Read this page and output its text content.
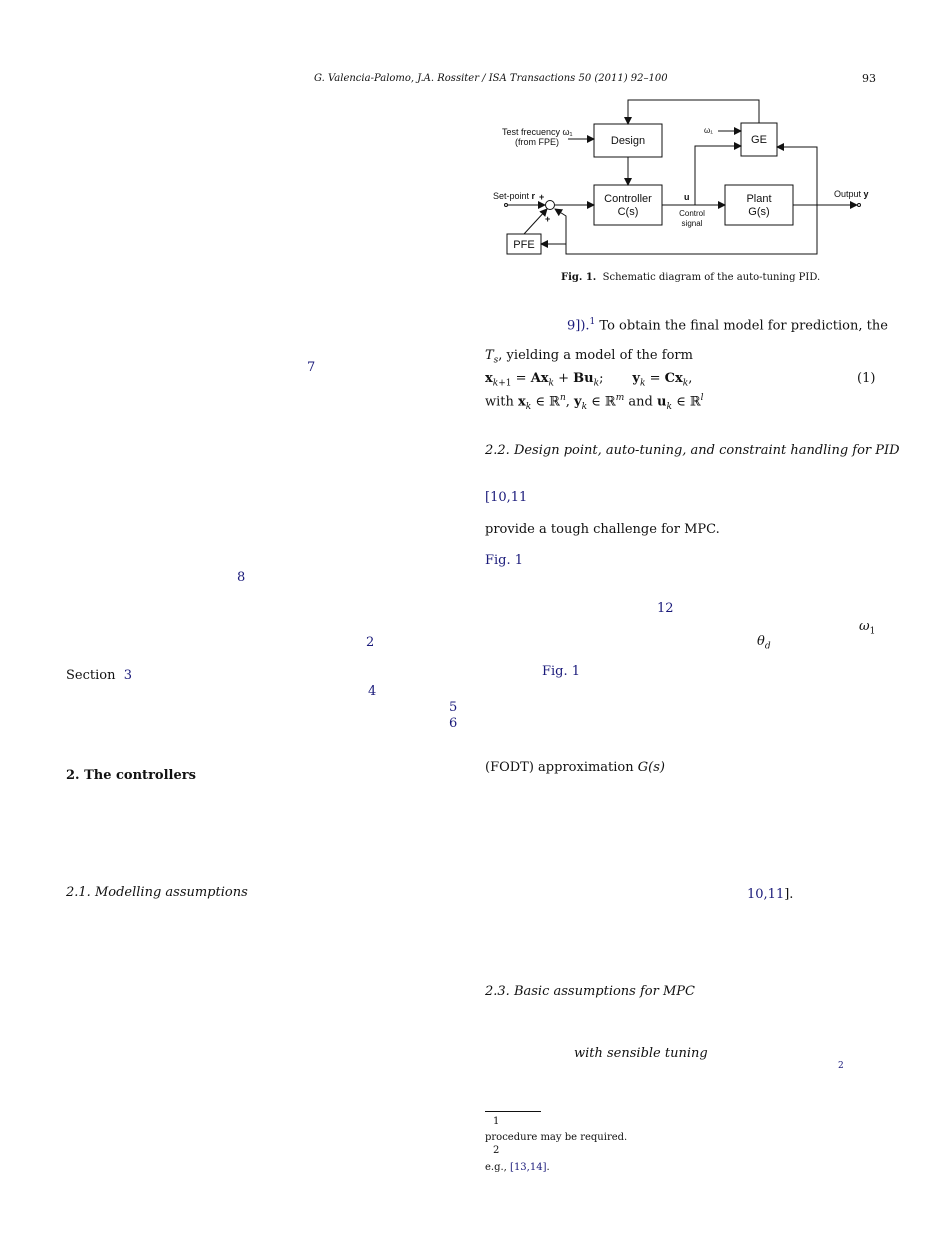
G. Valencia-Palomo, J.A. Rossiter / ISA Transactions 50 (2011) 92–100	93
Design	GE
Controller
C(s)
Plant
G(s)
PFE
Test frecuency ω₁
(from FPE)
ω₁
Set-point r +
+
-
u
Control
signal
Output y
Fig. 1. Schematic diagram of the auto-tuning PID.
9]).$^1$ To obtain the final model for prediction, the
$T_s$, yielding a model of the form
$x_{k+1} = Ax_k + Bu_k$;       $y_k = Cx_k$,	(1)
with $x_k$ ∈ ℝ$^n$, $y_k$ ∈ ℝ$^m$ and $u_k$ ∈ ℝ$^l$
2.2. Design point, auto-tuning, and constraint handling for PID
[10,11
provide a tough challenge for MPC.
Fig. 1
12
$\omega_1$
$\theta_d$
Fig. 1
(FODT) approximation G(s)
10,11].
2.3. Basic assumptions for MPC
with sensible tuning
2
7
8
2
Section 3
4
5
6
2. The controllers
2.1. Modelling assumptions
1
procedure may be required.
2
e.g., [13,14].
